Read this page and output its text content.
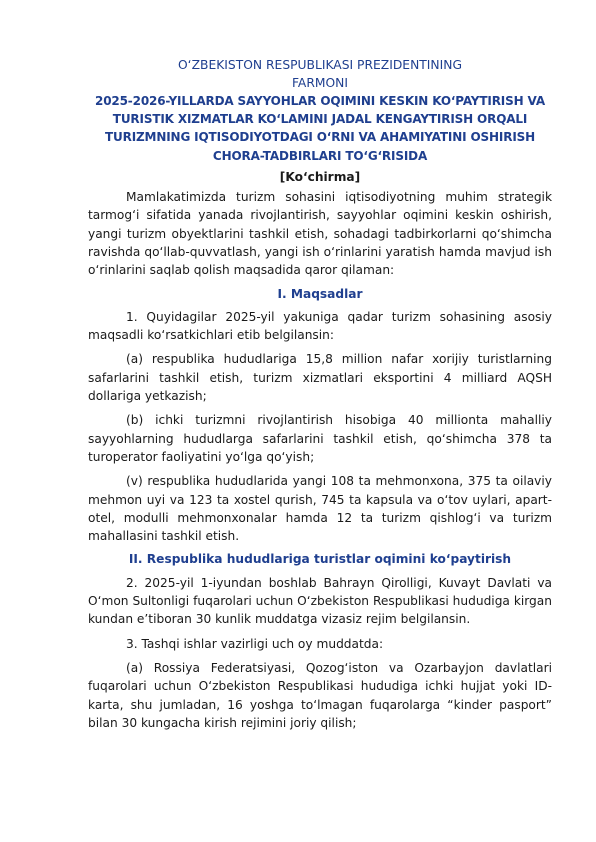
O‘ZBEKISTON RESPUBLIKASI PREZIDENTINING
FARMONI
2025-2026-YILLARDA SAYYOHLAR OQIMINI KESKIN KO‘PAYTIRISH VA
TURISTIK XIZMATLAR KO‘LAMINI JADAL KENGAYTIRISH ORQALI
TURIZMNING IQTISODIYOTDAGI O‘RNI VA AHAMIYATINI OSHIRISH
CHORA-TADBIRLARI TO‘G‘RISIDA
[Ko‘chirma]

Mamlakatimizda turizm sohasini iqtisodiyotning muhim strategik tarmog‘i sifatida yanada rivojlantirish, sayyohlar oqimini keskin oshirish, yangi turizm obyektlarini tashkil etish, sohadagi tadbirkorlarni qo‘shimcha ravishda qo‘llab-quvvatlash, yangi ish o‘rinlarini yaratish hamda mavjud ish o‘rinlarini saqlab qolish maqsadida qaror qilaman:

I. Maqsadlar

1. Quyidagilar 2025-yil yakuniga qadar turizm sohasining asosiy maqsadli ko‘rsatkichlari etib belgilansin:

(a) respublika hududlariga 15,8 million nafar xorijiy turistlarning safarlarini tashkil etish, turizm xizmatlari eksportini 4 milliard AQSH dollariga yetkazish;

(b) ichki turizmni rivojlantirish hisobiga 40 millionta mahalliy sayyohlarning hududlarga safarlarini tashkil etish, qo‘shimcha 378 ta turoperator faoliyatini yo‘lga qo‘yish;

(v) respublika hududlarida yangi 108 ta mehmonxona, 375 ta oilaviy mehmon uyi va 123 ta xostel qurish, 745 ta kapsula va o‘tov uylari, apart-otel, modulli mehmonxonalar hamda 12 ta turizm qishlog‘i va turizm mahallasini tashkil etish.

II. Respublika hududlariga turistlar oqimini ko‘paytirish

2. 2025-yil 1-iyundan boshlab Bahrayn Qirolligi, Kuvayt Davlati va O‘mon Sultonligi fuqarolari uchun O‘zbekiston Respublikasi hududiga kirgan kundan e’tiboran 30 kunlik muddatga vizasiz rejim belgilansin.

3. Tashqi ishlar vazirligi uch oy muddatda:

(a) Rossiya Federatsiyasi, Qozog‘iston va Ozarbayjon davlatlari fuqarolari uchun O‘zbekiston Respublikasi hududiga ichki hujjat yoki ID-karta, shu jumladan, 16 yoshga to‘lmagan fuqarolarga “kinder pasport” bilan 30 kungacha kirish rejimini joriy qilish;
